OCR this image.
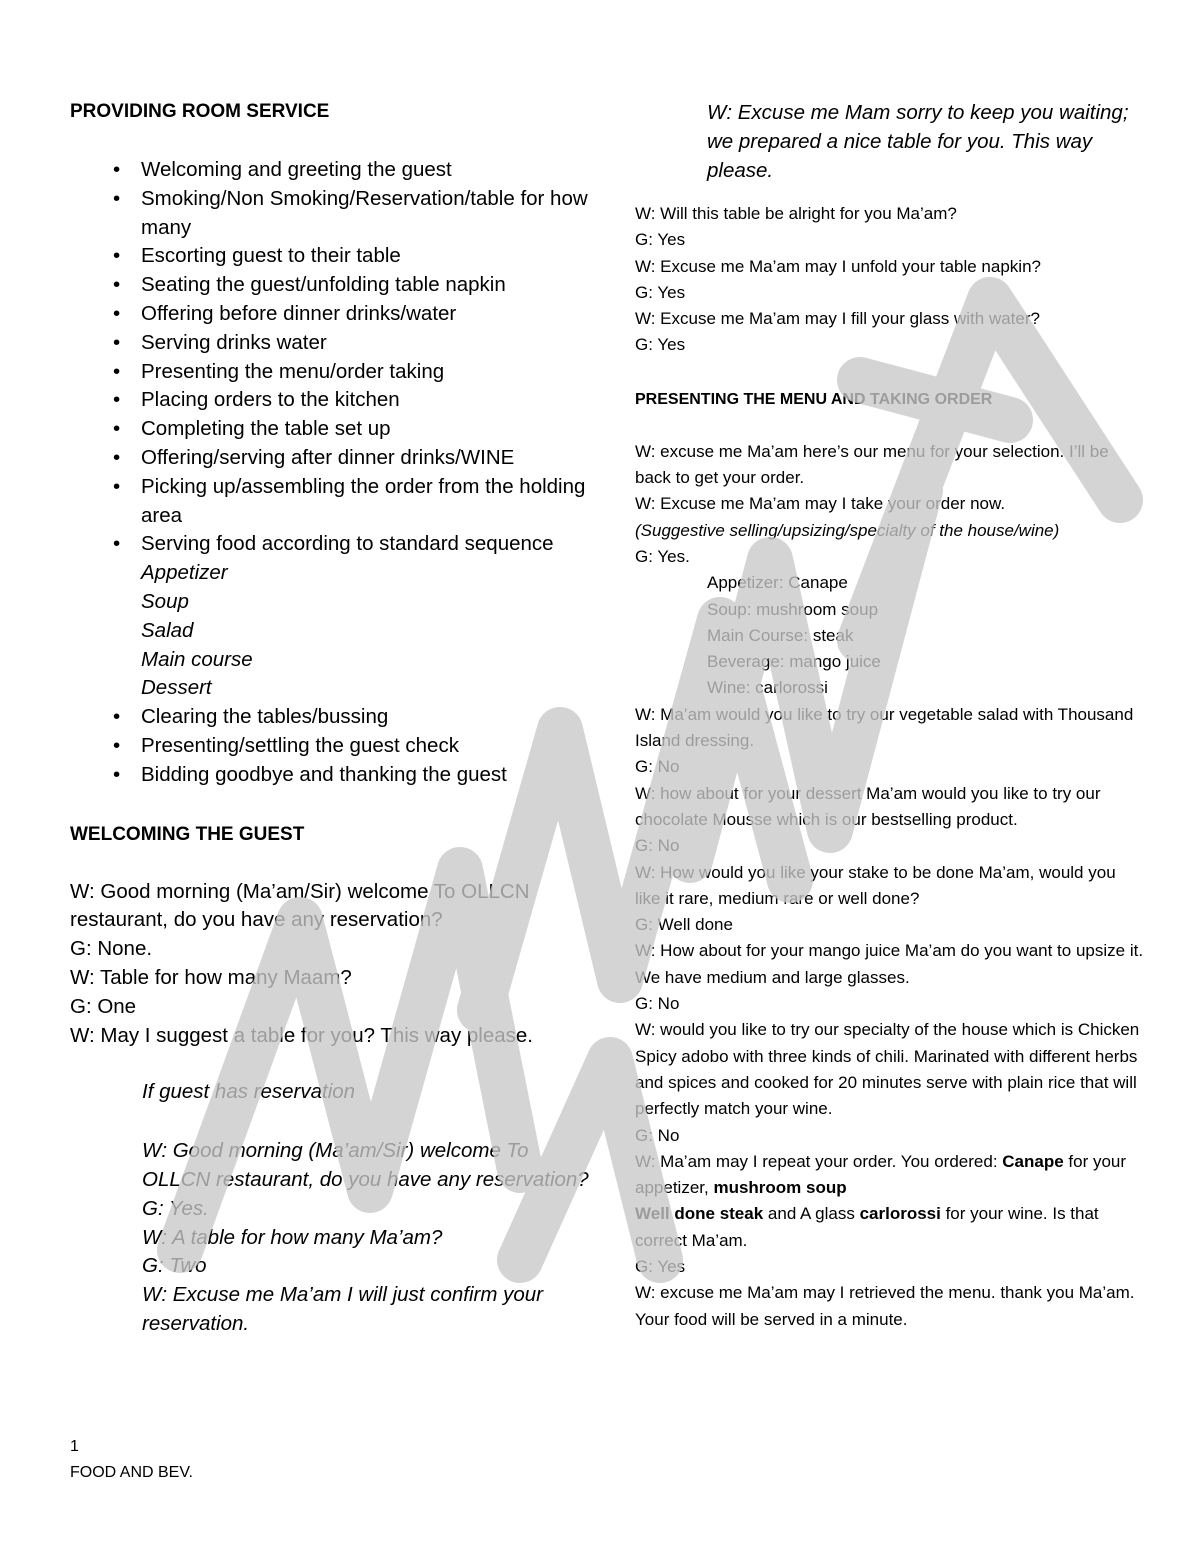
PROVIDING ROOM SERVICE
• Welcoming and greeting the guest
• Smoking/Non Smoking/Reservation/table for how many
• Escorting guest to their table
• Seating the guest/unfolding table napkin
• Offering before dinner drinks/water
• Serving drinks water
• Presenting the menu/order taking
• Placing orders to the kitchen
• Completing the table set up
• Offering/serving after dinner drinks/WINE
• Picking up/assembling the order from the holding area
• Serving food according to standard sequence
Appetizer
Soup
Salad
Main course
Dessert
• Clearing the tables/bussing
• Presenting/settling the guest check
• Bidding goodbye and thanking the guest
WELCOMING THE GUEST
W: Good morning (Ma’am/Sir) welcome To OLLCN restaurant, do you have any reservation?
G: None.
W: Table for how many Maam?
G: One
W: May I suggest a table for you? This way please.
If guest has reservation
W: Good morning (Ma’am/Sir) welcome To OLLCN restaurant, do you have any reservation?
G: Yes.
W: A table for how many Ma’am?
G: Two
W: Excuse me Ma’am I will just confirm your reservation.
W: Excuse me Mam sorry to keep you waiting; we prepared a nice table for you. This way please.
W: Will this table be alright for you Ma’am?
G: Yes
W: Excuse me Ma’am may I unfold your table napkin?
G: Yes
W: Excuse me Ma’am may I fill your glass with water?
G: Yes
PRESENTING THE MENU AND TAKING ORDER
W: excuse me Ma’am here’s our menu for your selection. I’ll be back to get your order.
W: Excuse me Ma’am may I take your order now.
(Suggestive selling/upsizing/specialty of the house/wine)
G: Yes.
Appetizer: Canape
Soup: mushroom soup
Main Course: steak
Beverage: mango juice
Wine: carlorossi
W: Ma’am would you like to try our vegetable salad with Thousand Island dressing.
G: No
W: how about for your dessert Ma’am would you like to try our chocolate Mousse which is our bestselling product.
G: No
W: How would you like your stake to be done Ma’am, would you like it rare, medium rare or well done?
G: Well done
W: How about for your mango juice Ma’am do you want to upsize it. We have medium and large glasses.
G: No
W: would you like to try our specialty of the house which is Chicken Spicy adobo with three kinds of chili. Marinated with different herbs and spices and cooked for 20 minutes serve with plain rice that will perfectly match your wine.
G: No
W: Ma’am may I repeat your order. You ordered: Canape for your appetizer, mushroom soup
Well done steak and A glass carlorossi for your wine. Is that correct Ma’am.
G: Yes
W: excuse me Ma’am may I retrieved the menu. thank you Ma’am. Your food will be served in a minute.
1
FOOD AND BEV.
